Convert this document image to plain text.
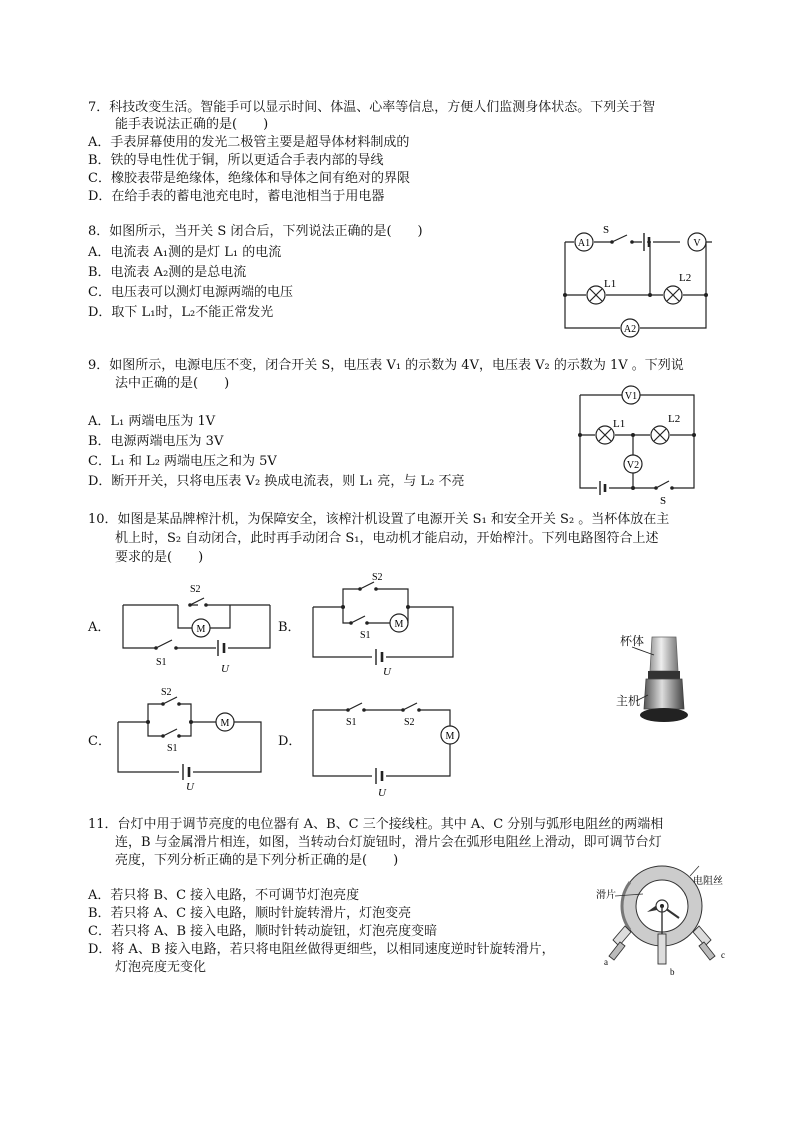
7．科技改变生活。智能手可以显示时间、体温、心率等信息，方便人们监测身体状态。下列关于智
能手表说法正确的是(　　)
A．手表屏幕使用的发光二极管主要是超导体材料制成的
B．铁的导电性优于铜，所以更适合手表内部的导线
C．橡胶表带是绝缘体，绝缘体和导体之间有绝对的界限
D．在给手表的蓄电池充电时，蓄电池相当于用电器
8．如图所示，当开关 S 闭合后，下列说法正确的是(　　)
A．电流表 A₁测的是灯 L₁ 的电流
B．电流表 A₂测的是总电流
C．电压表可以测灯电源两端的电压
D．取下 L₁时，L₂不能正常发光
A1	V
S
L1	L2
A2
9．如图所示，电源电压不变，闭合开关 S，电压表 V₁ 的示数为 4V，电压表 V₂ 的示数为 1V 。下列说
法中正确的是(　　)
A．L₁ 两端电压为 1V
B．电源两端电压为 3V
C．L₁ 和 L₂ 两端电压之和为 5V
D．断开开关，只将电压表 V₂ 换成电流表，则 L₁ 亮，与 L₂ 不亮
V1
L1	L2
V2
S
10．如图是某品牌榨汁机，为保障安全，该榨汁机设置了电源开关 S₁ 和安全开关 S₂ 。当杯体放在主
机上时，S₂ 自动闭合，此时再手动闭合 S₁，电动机才能启动，开始榨汁。下列电路图符合上述
要求的是(　　)
A．	B．
C．	D．
M
S2
S1
U
M
S2
S1
U
M
S2
S1
U
M
S1	S2
U
杯体
主机
11．台灯中用于调节亮度的电位器有 A、B、C 三个接线柱。其中 A、C 分别与弧形电阻丝的两端相
连，B 与金属滑片相连，如图，当转动台灯旋钮时，滑片会在弧形电阻丝上滑动，即可调节台灯
亮度，下列分析正确的是下列分析正确的是(　　)
A．若只将 B、C 接入电路，不可调节灯泡亮度
B．若只将 A、C 接入电路，顺时针旋转滑片，灯泡变亮
C．若只将 A、B 接入电路，顺时针转动旋钮，灯泡亮度变暗
D．将 A、B 接入电路，若只将电阻丝做得更细些，以相同速度逆时针旋转滑片，
灯泡亮度无变化
滑片
电阻丝
a
b
c
